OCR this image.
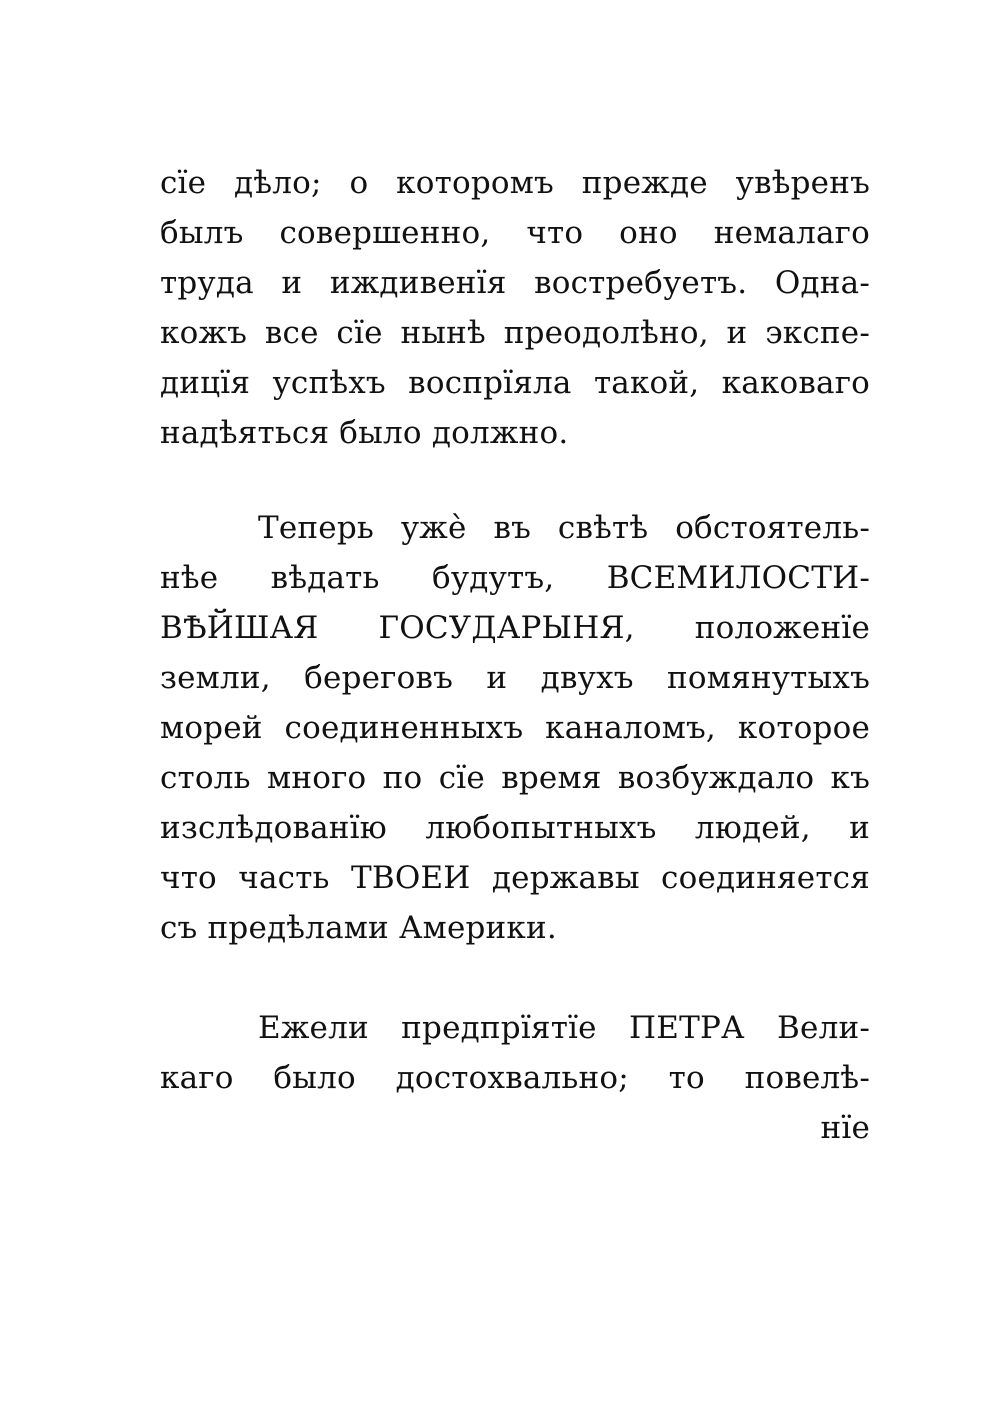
сїе дѣло; о которомъ прежде увѣренъ
былъ совершенно, что оно немалаго
труда и иждивенїя востребуетъ. Одна-
кожъ все сїе нынѣ преодолѣно, и экспе-
дицїя успѣхъ воспрїяла такой, каковаго
надѣяться было должно.
Теперь ужѐ въ свѣтѣ обстоятель-
нѣе вѣдать будутъ, ВСЕМИЛОСТИ-
ВѢЙШАЯ ГОСУДАРЫНЯ, положенїе
земли, береговъ и двухъ помянутыхъ
морей соединенныхъ каналомъ, которое
столь много по сїе время возбуждало къ
изслѣдованїю любопытныхъ людей, и
что часть ТВОЕИ державы соединяется
съ предѣлами Америки.
Ежели предпрїятїе ПЕТРА Вели-
каго было достохвально; то повелѣ-
нїе
